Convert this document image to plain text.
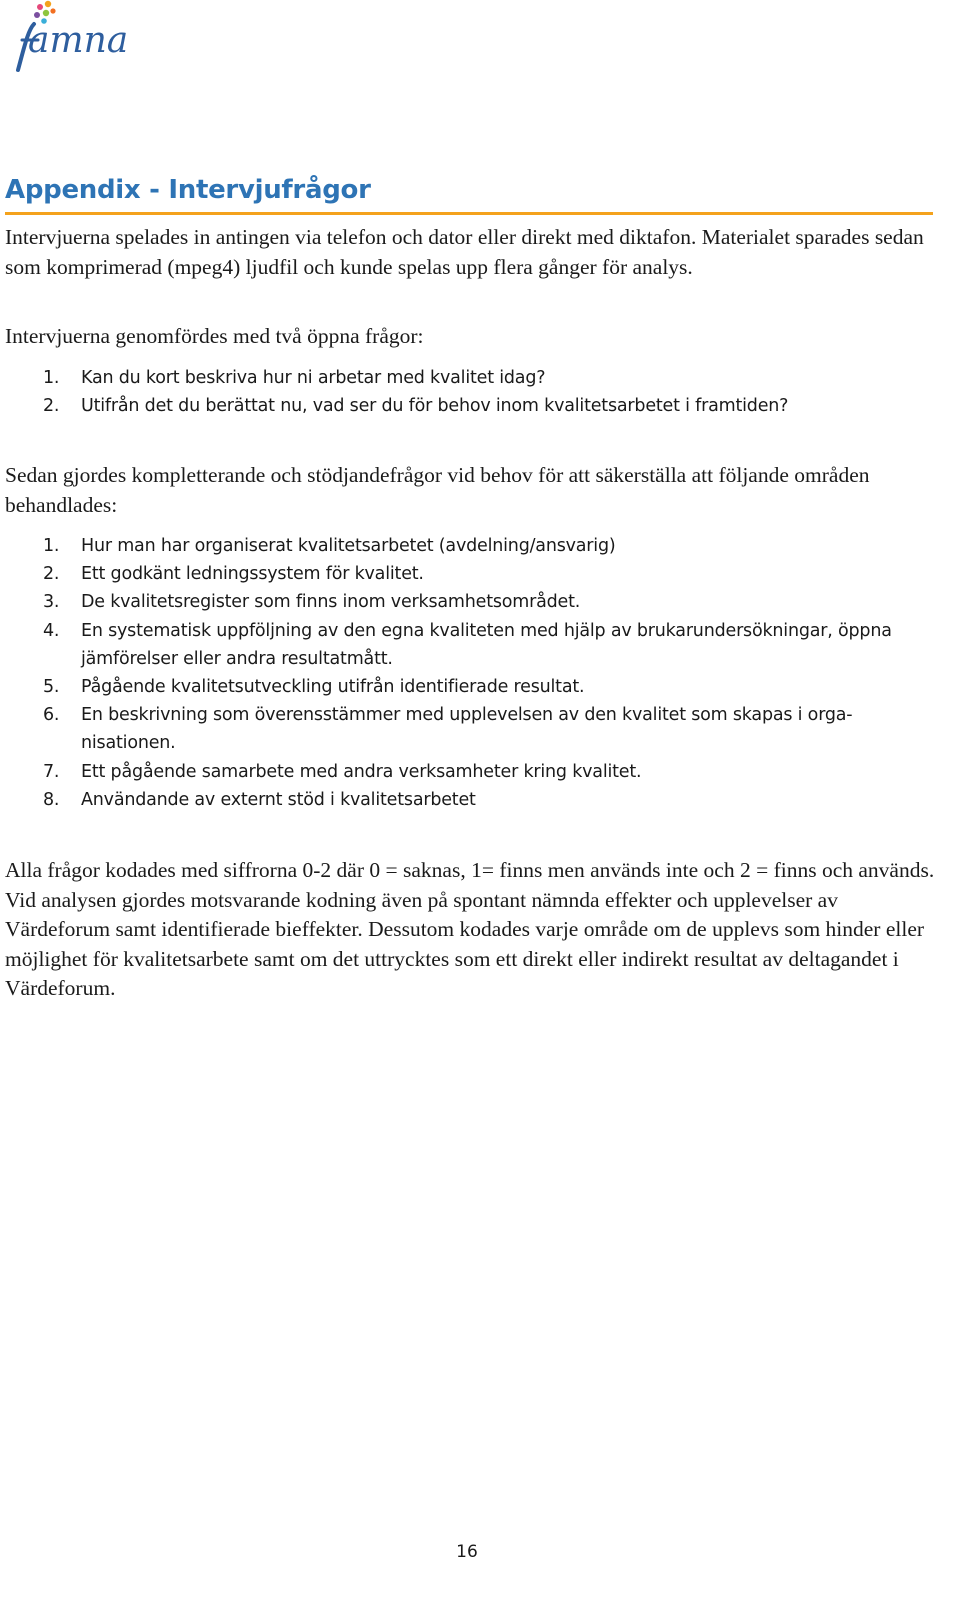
amna
Appendix - Intervjufrågor

Intervjuerna spelades in antingen via telefon och dator eller direkt med diktafon. Materialet sparades sedan som komprimerad (mpeg4) ljudfil och kunde spelas upp flera gånger för analys.

Intervjuerna genomfördes med två öppna frågor:

1.	Kan du kort beskriva hur ni arbetar med kvalitet idag?
2.	Utifrån det du berättat nu, vad ser du för behov inom kvalitetsarbetet i framtiden?

Sedan gjordes kompletterande och stödjandefrågor vid behov för att säkerställa att följande områden behandlades:

1.	Hur man har organiserat kvalitetsarbetet (avdelning/ansvarig)
2.	Ett godkänt ledningssystem för kvalitet.
3.	De kvalitetsregister som finns inom verksamhetsområdet.
4.	En systematisk uppföljning av den egna kvaliteten med hjälp av brukarundersökningar, öppna jämförelser eller andra resultatmått.
5.	Pågående kvalitetsutveckling utifrån identifierade resultat.
6.	En beskrivning som överensstämmer med upplevelsen av den kvalitet som skapas i orga-nisationen.
7.	Ett pågående samarbete med andra verksamheter kring kvalitet.
8.	Användande av externt stöd i kvalitetsarbetet

Alla frågor kodades med siffrorna 0-2 där 0 = saknas, 1= finns men används inte och 2 = finns och används. Vid analysen gjordes motsvarande kodning även på spontant nämnda effekter och upplevelser av Värdeforum samt identifierade bieffekter. Dessutom kodades varje område om de upplevs som hinder eller möjlighet för kvalitetsarbete samt om det uttrycktes som ett direkt eller indirekt resultat av deltagandet i Värdeforum.

16
